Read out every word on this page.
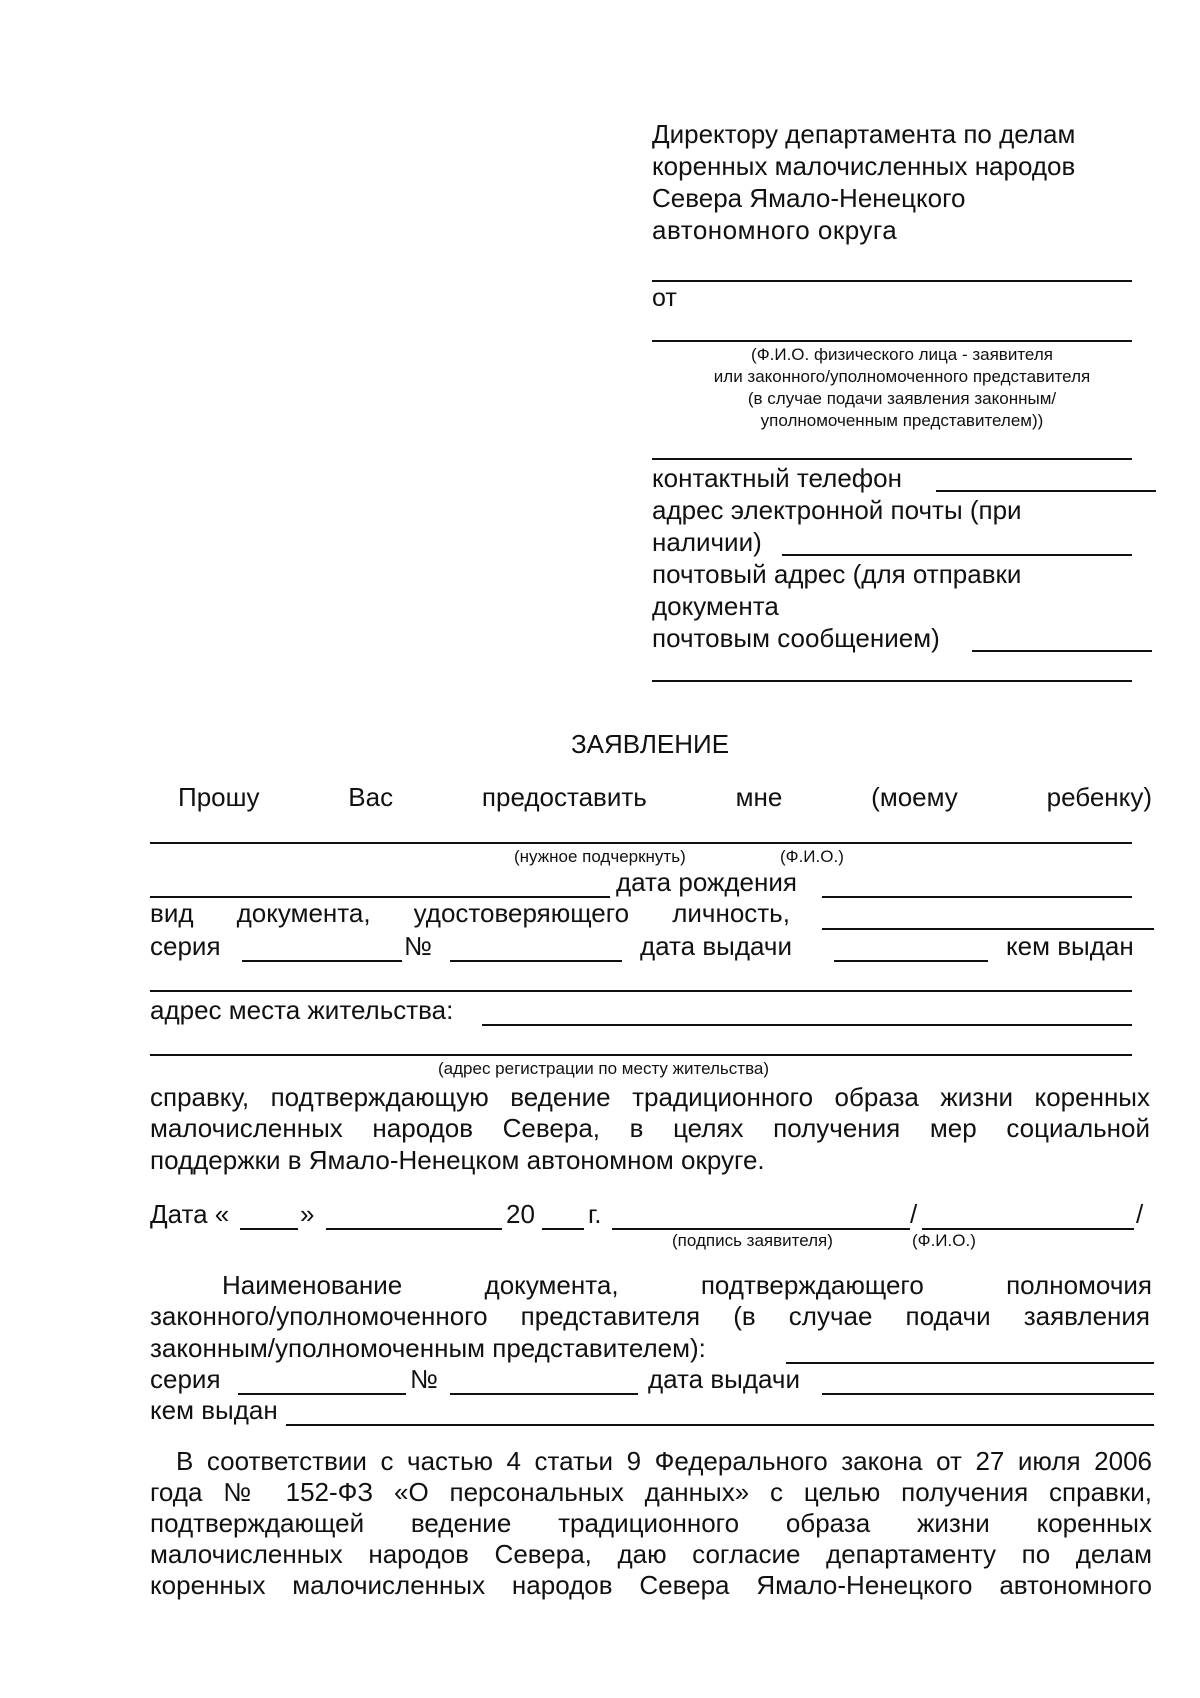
Директору департамента по делам
коренных малочисленных народов
Севера Ямало-Ненецкого
автономного округа
от
(Ф.И.О. физического лица - заявителя
или законного/уполномоченного представителя
(в случае подачи заявления законным/
уполномоченным представителем))
контактный телефон
адрес электронной почты (при
наличии)
почтовый адрес (для отправки
документа
почтовым сообщением)
ЗАЯВЛЕНИЕ
Прошу	Вас	предоставить	мне	(моему	ребенку)
(нужное подчеркнуть)	(Ф.И.О.)
дата рождения
вид документа, удостоверяющего личность,
серия	№	дата выдачи	кем выдан
адрес места жительства:
(адрес регистрации по месту жительства)
справку, подтверждающую ведение традиционного образа жизни коренных
малочисленных народов Севера, в целях получения мер социальной
поддержки в Ямало-Ненецком автономном округе.
Дата «	»	20 г.	/	/
(подпись заявителя)	(Ф.И.О.)
Наименование	документа,	подтверждающего	полномочия
законного/уполномоченного представителя (в случае подачи заявления
законным/уполномоченным представителем):
серия	№	дата выдачи
кем выдан
В соответствии с частью 4 статьи 9 Федерального закона от 27 июля 2006
года № 152-ФЗ «О персональных данных» с целью получения справки,
подтверждающей ведение традиционного образа жизни коренных
малочисленных народов Севера, даю согласие департаменту по делам
коренных малочисленных народов Севера Ямало-Ненецкого автономного
